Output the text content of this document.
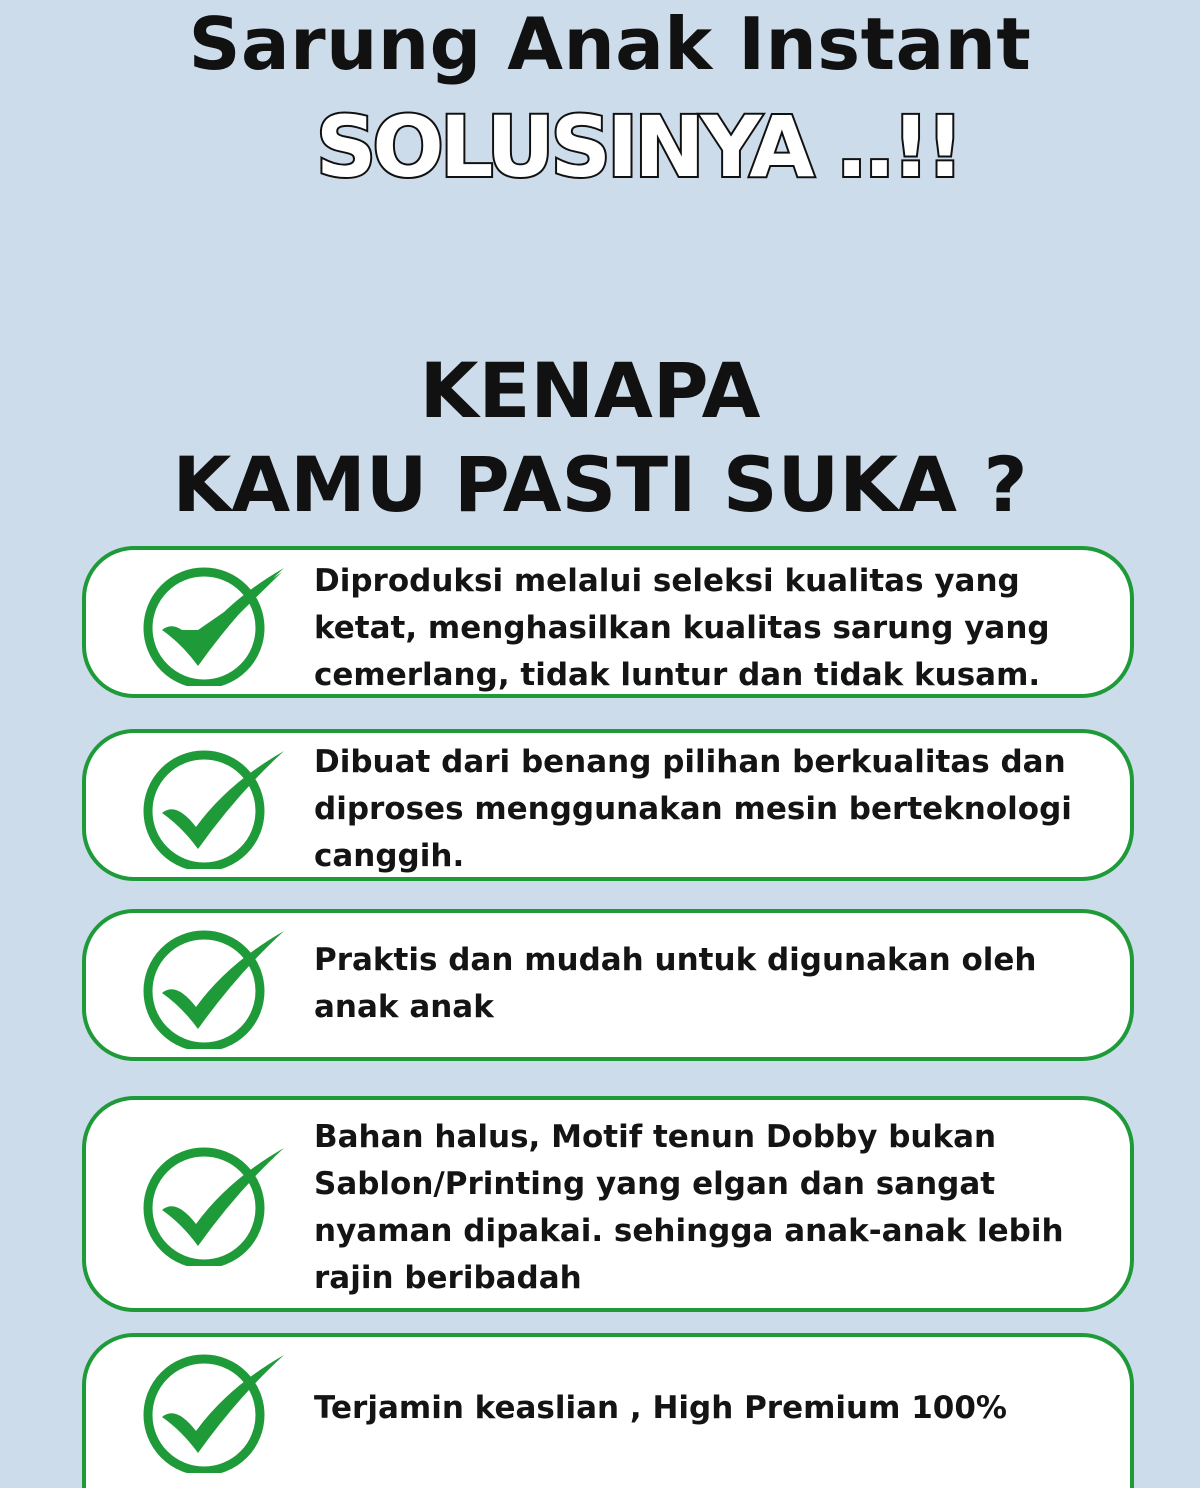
Sarung Anak Instant
SOLUSINYA ..!!
KENAPA
KAMU PASTI SUKA ?

Diproduksi melalui seleksi kualitas yang
ketat, menghasilkan kualitas sarung yang
cemerlang, tidak luntur dan tidak kusam.

Dibuat dari benang pilihan berkualitas dan
diproses menggunakan mesin berteknologi
canggih.

Praktis dan mudah untuk digunakan oleh
anak anak

Bahan halus, Motif tenun Dobby bukan
Sablon/Printing yang elgan dan sangat
nyaman dipakai. sehingga anak-anak lebih
rajin beribadah

Terjamin keaslian , High Premium 100%
